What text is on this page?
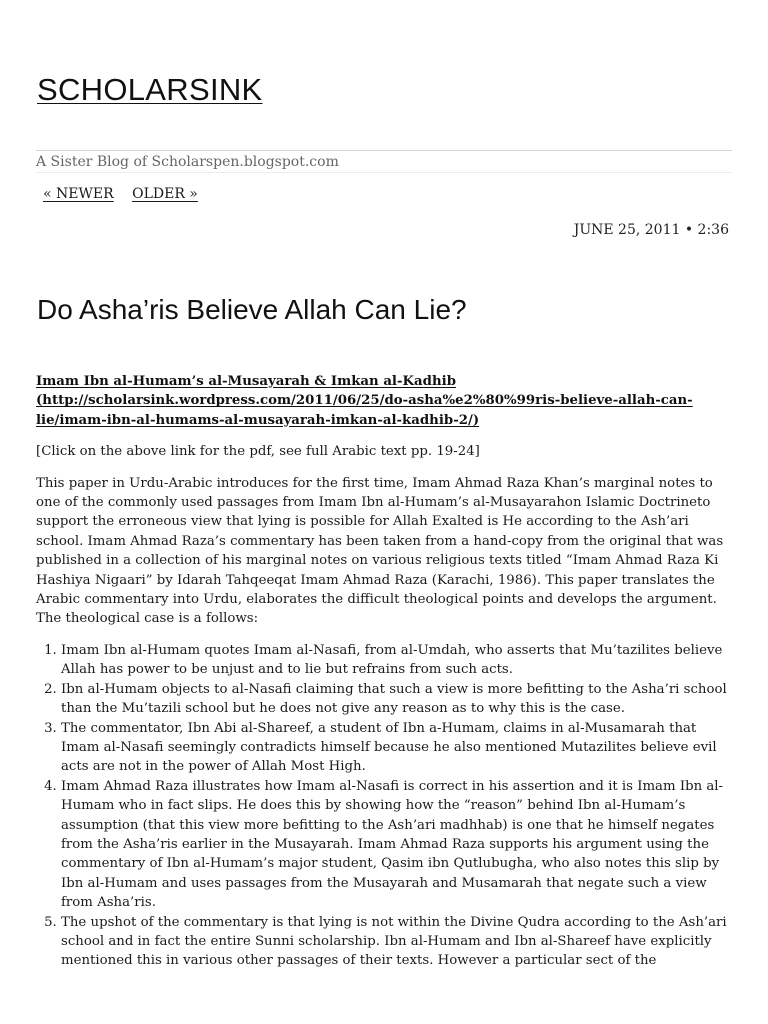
SCHOLARSINK
A Sister Blog of Scholarspen.blogspot.com
« NEWER OLDER »
JUNE 25, 2011 • 2:36
Do Asha’ris Believe Allah Can Lie?

Imam Ibn al-Humam’s al-Musayarah & Imkan al-Kadhib (http://scholarsink.wordpress.com/2011/06/25/do-asha%e2%80%99ris-believe-allah-can-lie/imam-ibn-al-humams-al-musayarah-imkan-al-kadhib-2/)

[Click on the above link for the pdf, see full Arabic text pp. 19-24]

This paper in Urdu-Arabic introduces for the first time, Imam Ahmad Raza Khan’s marginal notes to one of the commonly used passages from Imam Ibn al-Humam’s al-Musayarahon Islamic Doctrineto support the erroneous view that lying is possible for Allah Exalted is He according to the Ash’ari school. Imam Ahmad Raza’s commentary has been taken from a hand-copy from the original that was published in a collection of his marginal notes on various religious texts titled “Imam Ahmad Raza Ki Hashiya Nigaari” by Idarah Tahqeeqat Imam Ahmad Raza (Karachi, 1986). This paper translates the Arabic commentary into Urdu, elaborates the difficult theological points and develops the argument. The theological case is a follows:

1. Imam Ibn al-Humam quotes Imam al-Nasafi, from al-Umdah, who asserts that Mu’tazilites believe Allah has power to be unjust and to lie but refrains from such acts.
2. Ibn al-Humam objects to al-Nasafi claiming that such a view is more befitting to the Asha’ri school than the Mu’tazili school but he does not give any reason as to why this is the case.
3. The commentator, Ibn Abi al-Shareef, a student of Ibn a-Humam, claims in al-Musamarah that Imam al-Nasafi seemingly contradicts himself because he also mentioned Mutazilites believe evil acts are not in the power of Allah Most High.
4. Imam Ahmad Raza illustrates how Imam al-Nasafi is correct in his assertion and it is Imam Ibn al-Humam who in fact slips. He does this by showing how the “reason” behind Ibn al-Humam’s assumption (that this view more befitting to the Ash’ari madhhab) is one that he himself negates from the Asha’ris earlier in the Musayarah. Imam Ahmad Raza supports his argument using the commentary of Ibn al-Humam’s major student, Qasim ibn Qutlubugha, who also notes this slip by Ibn al-Humam and uses passages from the Musayarah and Musamarah that negate such a view from Asha’ris.
5. The upshot of the commentary is that lying is not within the Divine Qudra according to the Ash’ari school and in fact the entire Sunni scholarship. Ibn al-Humam and Ibn al-Shareef have explicitly mentioned this in various other passages of their texts. However a particular sect of the
